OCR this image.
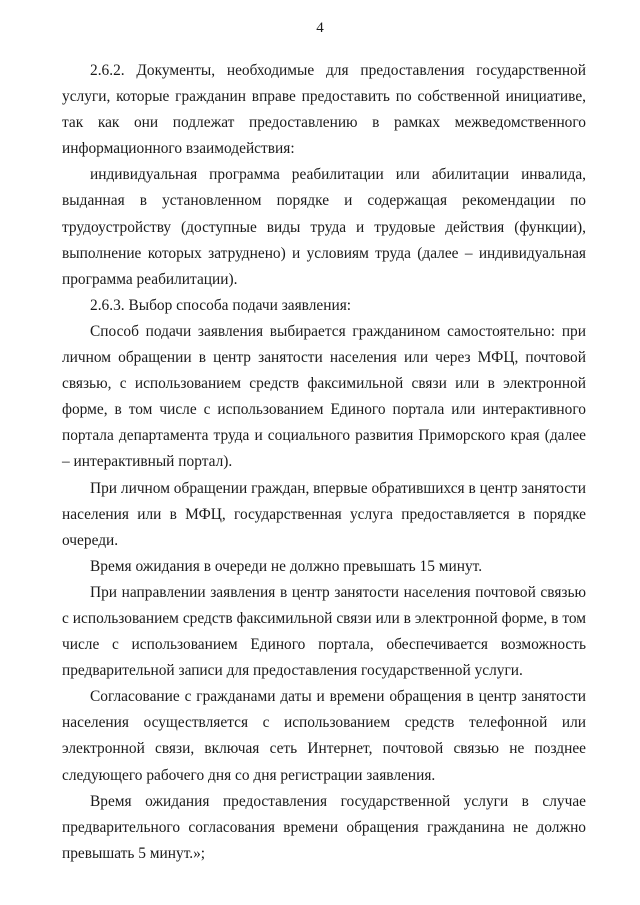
4

2.6.2. Документы, необходимые для предоставления государственной услуги, которые гражданин вправе предоставить по собственной инициативе, так как они подлежат предоставлению в рамках межведомственного информационного взаимодействия:

индивидуальная программа реабилитации или абилитации инвалида, выданная в установленном порядке и содержащая рекомендации по трудоустройству (доступные виды труда и трудовые действия (функции), выполнение которых затруднено) и условиям труда (далее – индивидуальная программа реабилитации).

2.6.3. Выбор способа подачи заявления:

Способ подачи заявления выбирается гражданином самостоятельно: при личном обращении в центр занятости населения или через МФЦ, почтовой связью, с использованием средств факсимильной связи или в электронной форме, в том числе с использованием Единого портала или интерактивного портала департамента труда и социального развития Приморского края (далее – интерактивный портал).

При личном обращении граждан, впервые обратившихся в центр занятости населения или в МФЦ, государственная услуга предоставляется в порядке очереди.

Время ожидания в очереди не должно превышать 15 минут.

При направлении заявления в центр занятости населения почтовой связью с использованием средств факсимильной связи или в электронной форме, в том числе с использованием Единого портала, обеспечивается возможность предварительной записи для предоставления государственной услуги.

Согласование с гражданами даты и времени обращения в центр занятости населения осуществляется с использованием средств телефонной или электронной связи, включая сеть Интернет, почтовой связью не позднее следующего рабочего дня со дня регистрации заявления.

Время ожидания предоставления государственной услуги в случае предварительного согласования времени обращения гражданина не должно превышать 5 минут.»;
